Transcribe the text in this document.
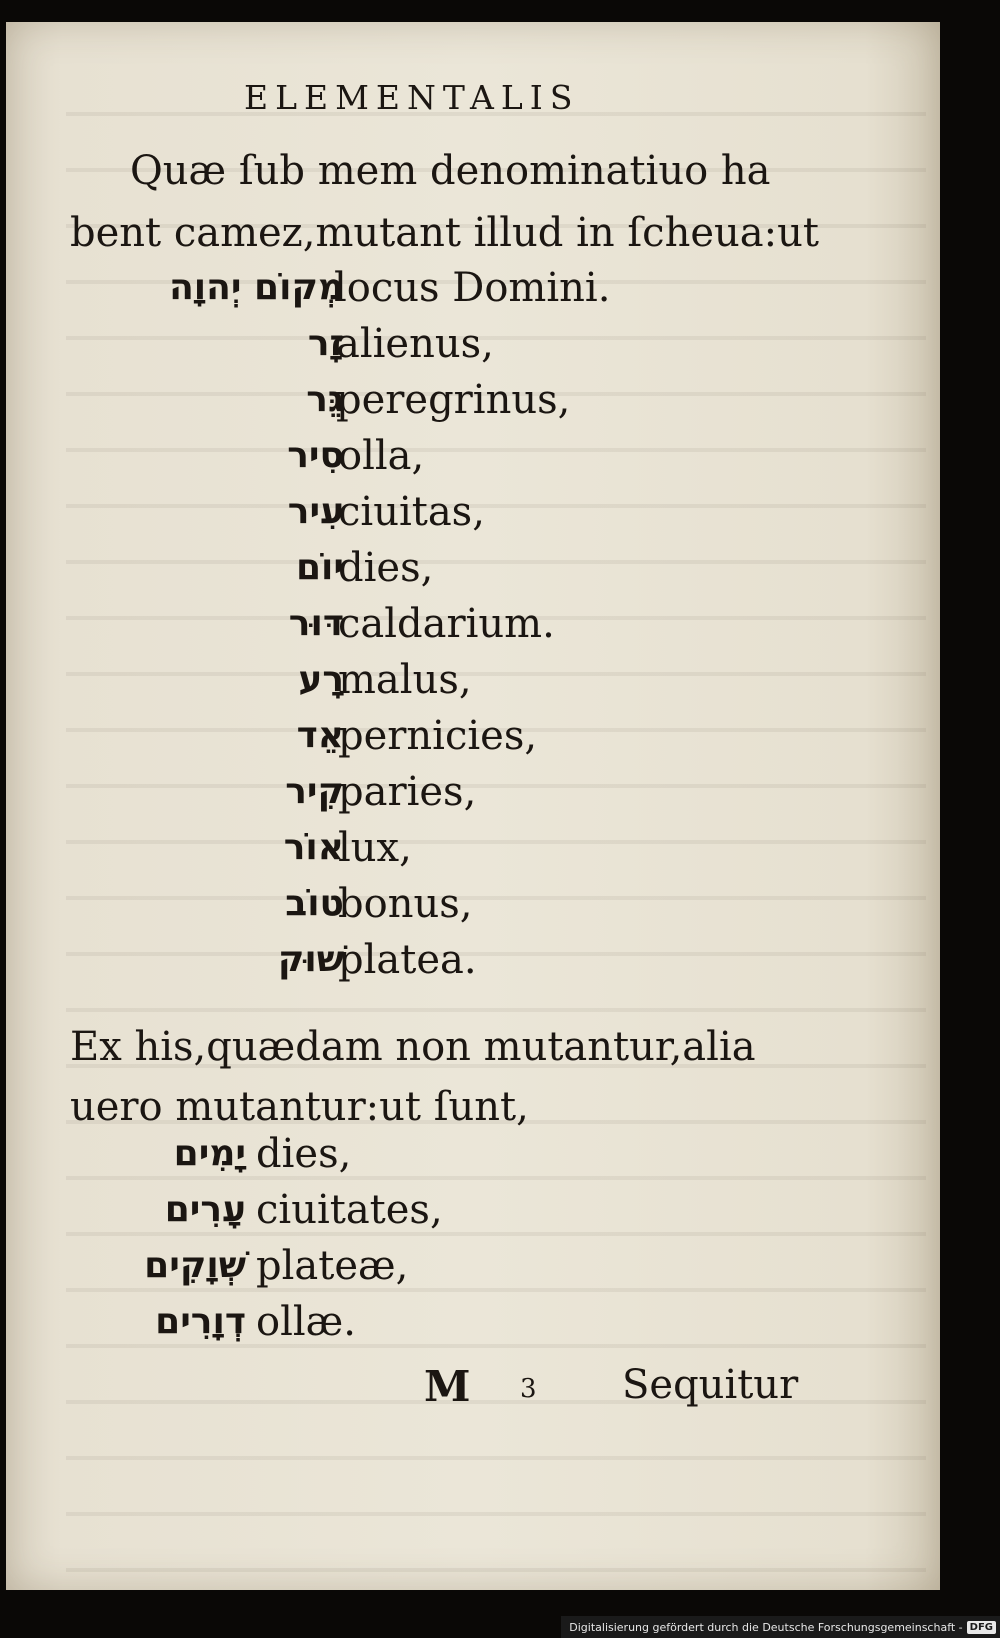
ELEMENTALIS
Quæ ſub mem denominatiuo ha
bent camez,mutant illud in ſcheua:ut
מְקוֹם יְהוָה
locus Domini.
זָר
alienus,
גֵּר
peregrinus,
סִיר
olla,
עִיר
ciuitas,
יוֹם
dies,
דּוּר
caldarium.
רָע
malus,
אֵד
pernicies,
קִיר
paries,
אוֹר
lux,
טוֹב
bonus,
שׁוּק
platea.
Ex his,quædam non mutantur,alia
uero mutantur:ut ſunt,
יָמִים dies,
עָרִים ciuitates,
שְׁוָקִים plateæ,
דְוָרִים ollæ.
M 3 Sequitur
Digitalisierung gefördert durch die Deutsche Forschungsgemeinschaft - DFG
